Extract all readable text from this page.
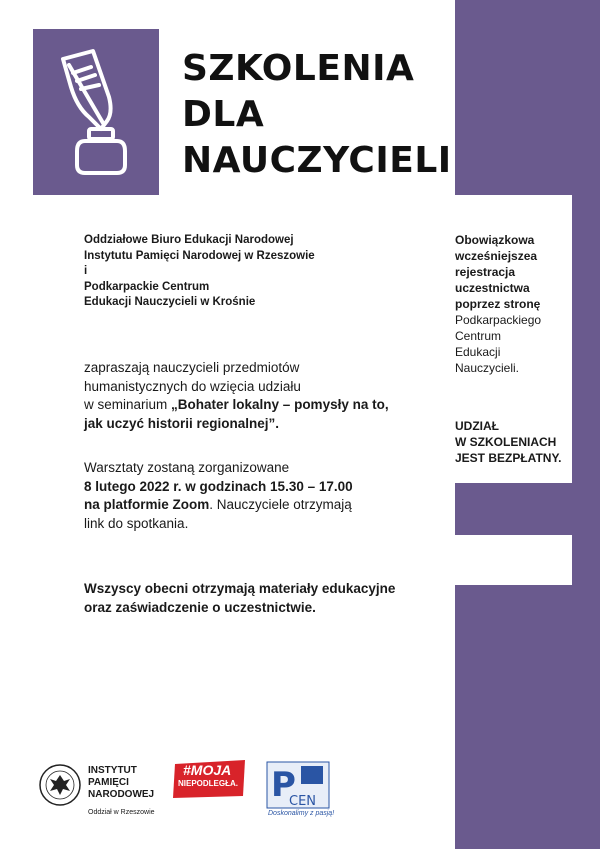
SZKOLENIA
DLA
NAUCZYCIELI
Oddziałowe Biuro Edukacji Narodowej
Instytutu Pamięci Narodowej w Rzeszowie
i
Podkarpackie Centrum
Edukacji Nauczycieli w Krośnie
zapraszają nauczycieli przedmiotów
humanistycznych do wzięcia udziału
w seminarium „Bohater lokalny – pomysły na to,
jak uczyć historii regionalnej”.
Warsztaty zostaną zorganizowane
8 lutego 2022 r. w godzinach 15.30 – 17.00
na platformie Zoom. Nauczyciele otrzymają
link do spotkania.
Wszyscy obecni otrzymają materiały edukacyjne
oraz zaświadczenie o uczestnictwie.
Obowiązkowa
wcześniejszea
rejestracja
uczestnictwa
poprzez stronę
Podkarpackiego
Centrum
Edukacji
Nauczycieli.
UDZIAŁ
W SZKOLENIACH
JEST BEZPŁATNY.
INSTYTUT PAMIĘCI NARODOWEJ
Oddział w Rzeszowie
#MOJA
NIEPODLEGŁA. P
CEN
Doskonalimy z pasją!
